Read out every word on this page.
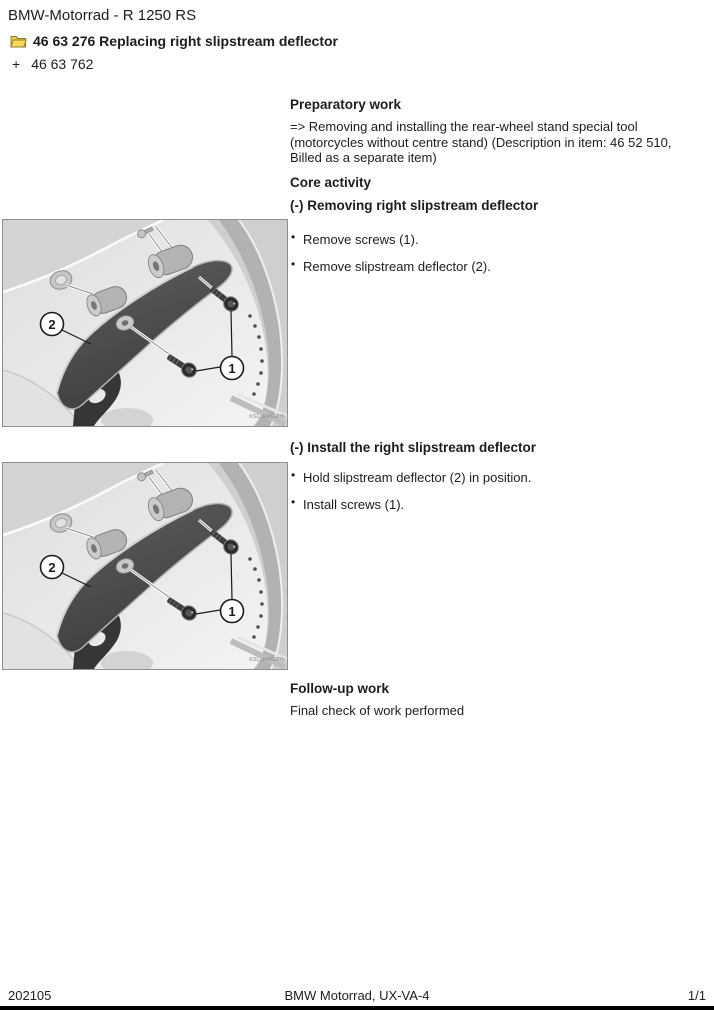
BMW-Motorrad - R 1250 RS
46 63 276 Replacing right slipstream deflector
+ 46 63 762
Preparatory work

=> Removing and installing the rear-wheel stand special tool (motorcycles without centre stand) (Description in item: 46 52 510, Billed as a separate item)

Core activity
(-) Removing right slipstream deflector
• Remove screws (1).
• Remove slipstream deflector (2).
(-) Install the right slipstream deflector
• Hold slipstream deflector (2) in position.
• Install screws (1).
Follow-up work

Final check of work performed

202105	BMW Motorrad, UX-VA-4	1/1
